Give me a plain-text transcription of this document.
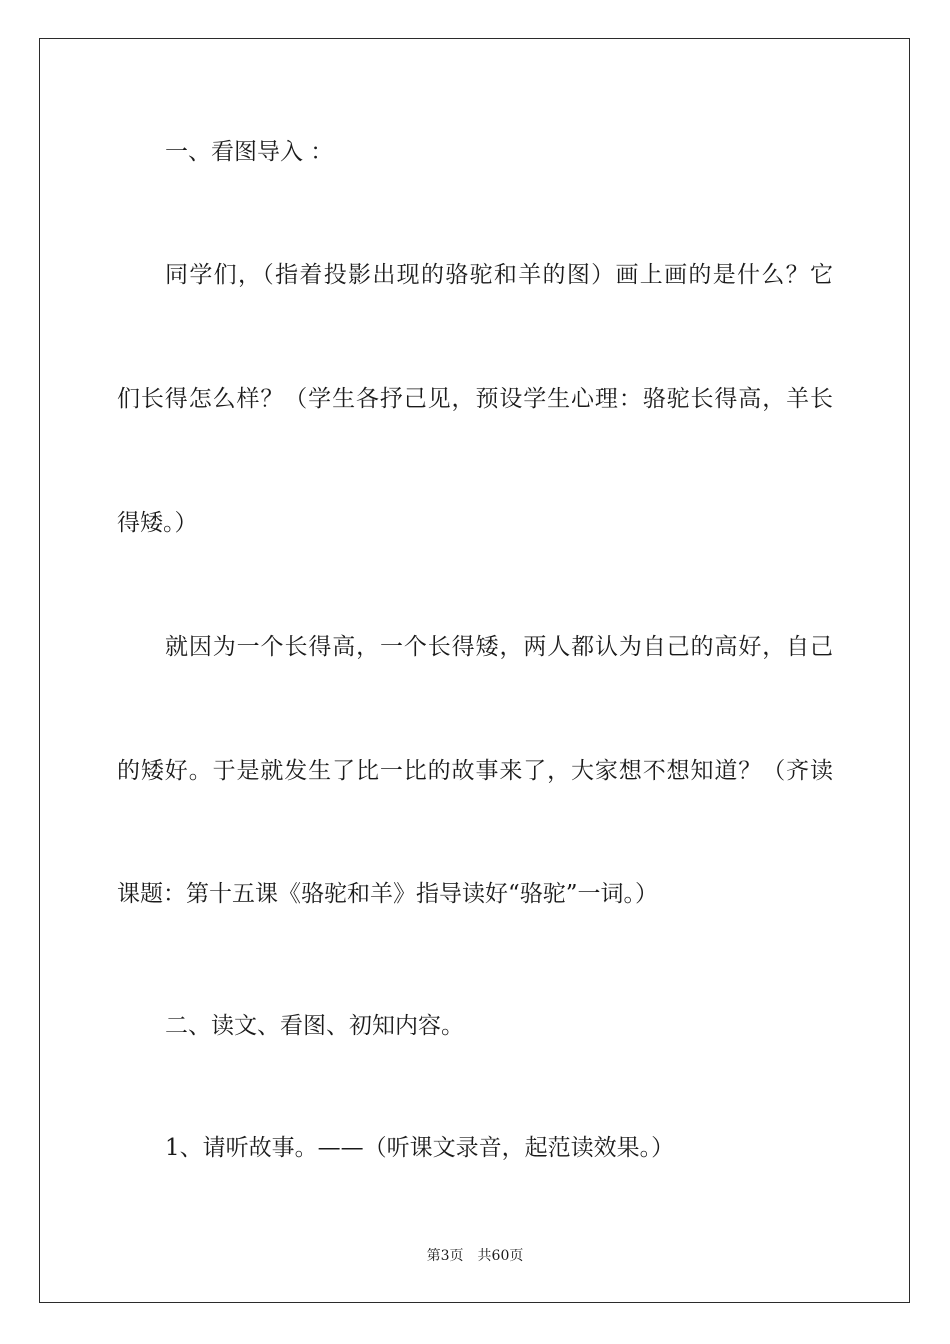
一、看图导入 ：

同学们，（指着投影出现的骆驼和羊的图）画上画的是什么？它

们长得怎么样？（学生各抒己见，预设学生心理：骆驼长得高，羊长

得矮。）

就因为一个长得高，一个长得矮，两人都认为自己的高好，自己

的矮好。于是就发生了比一比的故事来了，大家想不想知道？（齐读

课题：第十五课《骆驼和羊》指导读好“骆驼”一词。）

二、读文、看图、初知内容。

1、请听故事。——（听课文录音，起范读效果。）

第3页　共60页
